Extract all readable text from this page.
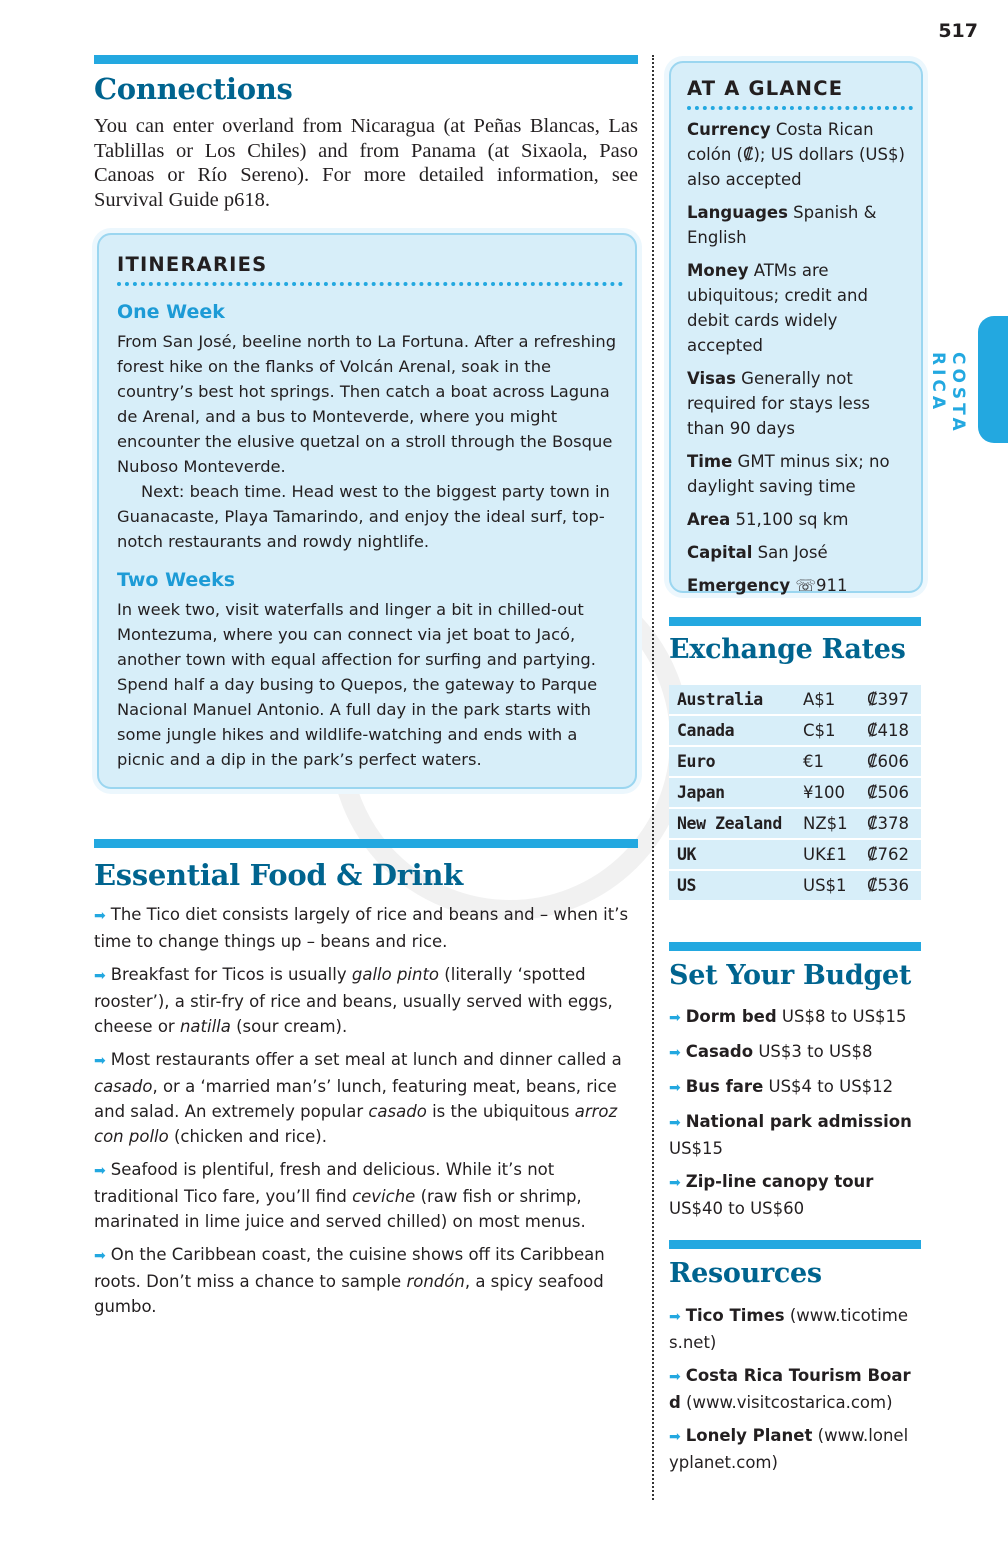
517
COSTA RICA
Connections
You can enter overland from Nicaragua (at Peñas Blancas, Las Tablillas or Los Chiles) and from Panama (at Sixaola, Paso Canoas or Río Sereno). For more detailed information, see Survival Guide p618.
ITINERARIES
One Week
From San José, beeline north to La Fortuna. After a refreshing forest hike on the flanks of Volcán Arenal, soak in the country’s best hot springs. Then catch a boat across Laguna de Arenal, and a bus to Monteverde, where you might encounter the elusive quetzal on a stroll through the Bosque Nuboso Monteverde.
Next: beach time. Head west to the biggest party town in Guanacaste, Playa Tamarindo, and enjoy the ideal surf, top-notch restaurants and rowdy nightlife.
Two Weeks
In week two, visit waterfalls and linger a bit in chilled-out Montezuma, where you can connect via jet boat to Jacó, another town with equal affection for surfing and partying. Spend half a day busing to Quepos, the gateway to Parque Nacional Manuel Antonio. A full day in the park starts with some jungle hikes and wildlife-watching and ends with a picnic and a dip in the park’s perfect waters.
Essential Food & Drink

➡ The Tico diet consists largely of rice and beans and – when it’s time to change things up – beans and rice.

➡ Breakfast for Ticos is usually gallo pinto (literally ‘spotted rooster’), a stir-fry of rice and beans, usually served with eggs, cheese or natilla (sour cream).

➡ Most restaurants offer a set meal at lunch and dinner called a casado, or a ‘married man’s’ lunch, featuring meat, beans, rice and salad. An extremely popular casado is the ubiquitous arroz con pollo (chicken and rice).

➡ Seafood is plentiful, fresh and delicious. While it’s not traditional Tico fare, you’ll find ceviche (raw fish or shrimp, marinated in lime juice and served chilled) on most menus.

➡ On the Caribbean coast, the cuisine shows off its Caribbean roots. Don’t miss a chance to sample rondón, a spicy seafood gumbo.

AT A GLANCE
Currency Costa Rican colón (₡); US dollars (US$) also accepted
Languages Spanish & English
Money ATMs are ubiquitous; credit and debit cards widely accepted
Visas Generally not required for stays less than 90 days
Time GMT minus six; no daylight saving time
Area 51,100 sq km
Capital San José
Emergency ☏911
Exchange Rates
Australia	A$1	₡397
Canada	C$1	₡418
Euro	€1	₡606
Japan	¥100	₡506
New Zealand	NZ$1	₡378
UK	UK£1	₡762
US	US$1	₡536
Set Your Budget
➡ Dorm bed US$8 to US$15
➡ Casado US$3 to US$8
➡ Bus fare US$4 to US$12
➡ National park admission US$15
➡ Zip-line canopy tour US$40 to US$60
Resources
➡ Tico Times (www.ticotimes.net)
➡ Costa Rica Tourism Board (www.visitcostarica.com)
➡ Lonely Planet (www.lonelyplanet.com)
